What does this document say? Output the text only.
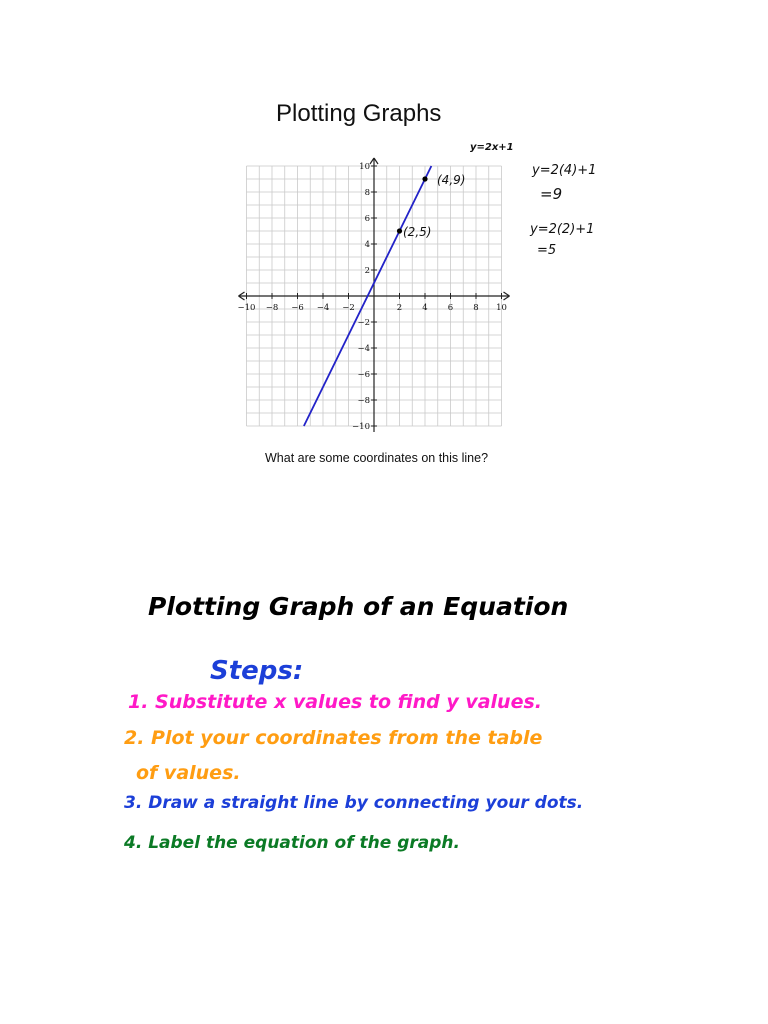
Plotting Graphs
−10 −8 −6 −4 −2	2 4 6 8 10
10
8
6
4
2
−2
−4
−6
−8
−10
(4,9)
(2,5)
y=2x+1
y=2(4)+1
=9
y=2(2)+1
=5
What are some coordinates on this line?
Plotting Graph of an Equation
Steps:
1. Substitute x values to find y values.
2. Plot your coordinates from the table
of values.
3. Draw a straight line by connecting your dots.
4. Label the equation of the graph.
